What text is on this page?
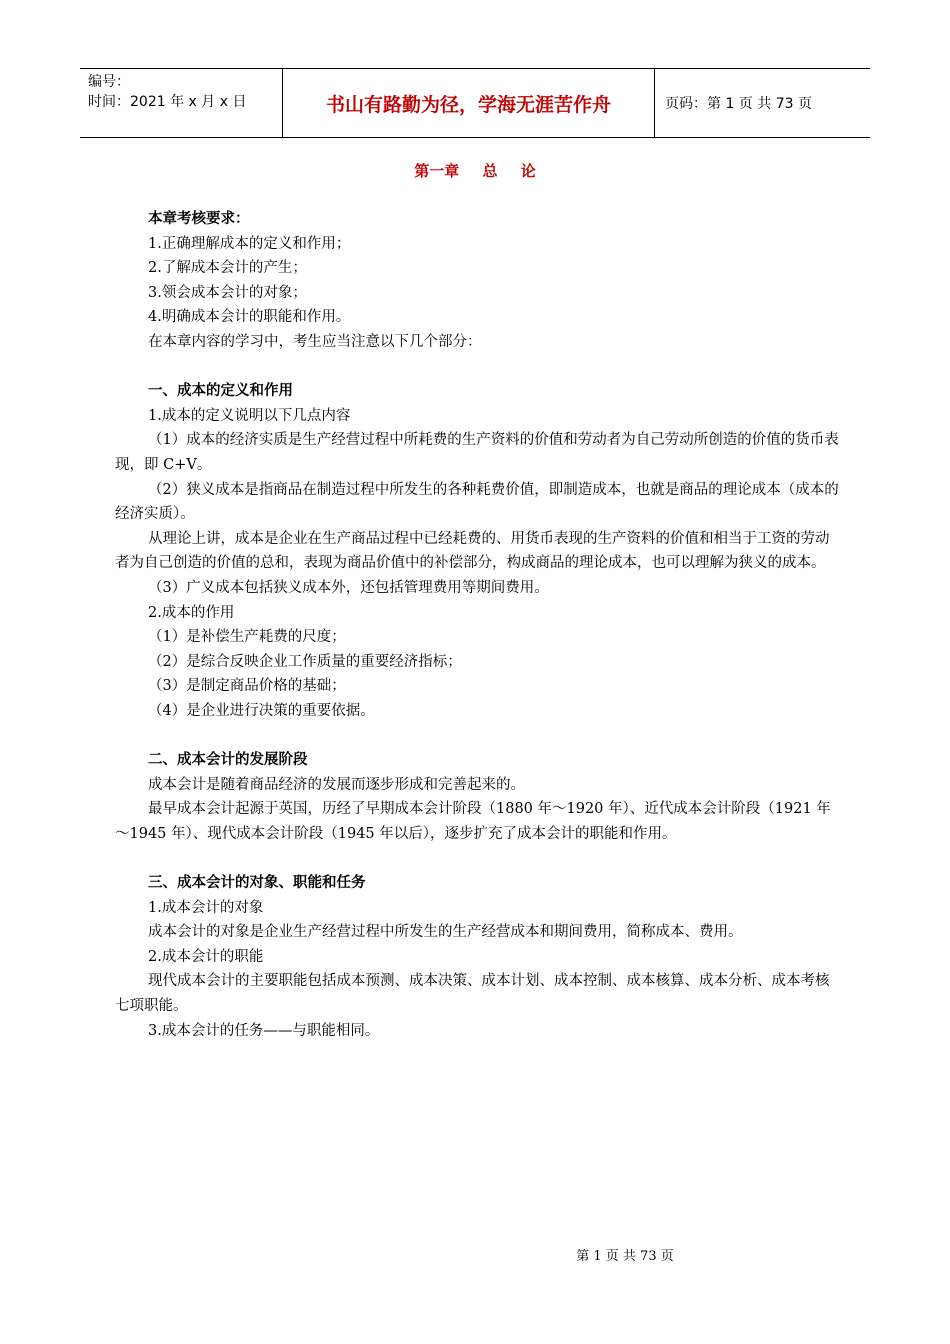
编号：
时间：2021 年 x 月 x 日	书山有路勤为径，学海无涯苦作舟	页码：第 1 页 共 73 页
第一章 总 论

本章考核要求：

1.正确理解成本的定义和作用；

2.了解成本会计的产生；

3.领会成本会计的对象；

4.明确成本会计的职能和作用。

在本章内容的学习中，考生应当注意以下几个部分：

一、成本的定义和作用

1.成本的定义说明以下几点内容

（1）成本的经济实质是生产经营过程中所耗费的生产资料的价值和劳动者为自己劳动所创造的价值的货币表现，即 C+V。

（2）狭义成本是指商品在制造过程中所发生的各种耗费价值，即制造成本，也就是商品的理论成本（成本的经济实质）。

从理论上讲，成本是企业在生产商品过程中已经耗费的、用货币表现的生产资料的价值和相当于工资的劳动者为自己创造的价值的总和，表现为商品价值中的补偿部分，构成商品的理论成本，也可以理解为狭义的成本。

（3）广义成本包括狭义成本外，还包括管理费用等期间费用。

2.成本的作用

（1）是补偿生产耗费的尺度；

（2）是综合反映企业工作质量的重要经济指标；

（3）是制定商品价格的基础；

（4）是企业进行决策的重要依据。

二、成本会计的发展阶段

成本会计是随着商品经济的发展而逐步形成和完善起来的。

最早成本会计起源于英国，历经了早期成本会计阶段（1880 年～1920 年）、近代成本会计阶段（1921 年～1945 年）、现代成本会计阶段（1945 年以后），逐步扩充了成本会计的职能和作用。

三、成本会计的对象、职能和任务

1.成本会计的对象

成本会计的对象是企业生产经营过程中所发生的生产经营成本和期间费用，简称成本、费用。

2.成本会计的职能

现代成本会计的主要职能包括成本预测、成本决策、成本计划、成本控制、成本核算、成本分析、成本考核七项职能。

3.成本会计的任务——与职能相同。

第 1 页 共 73 页
